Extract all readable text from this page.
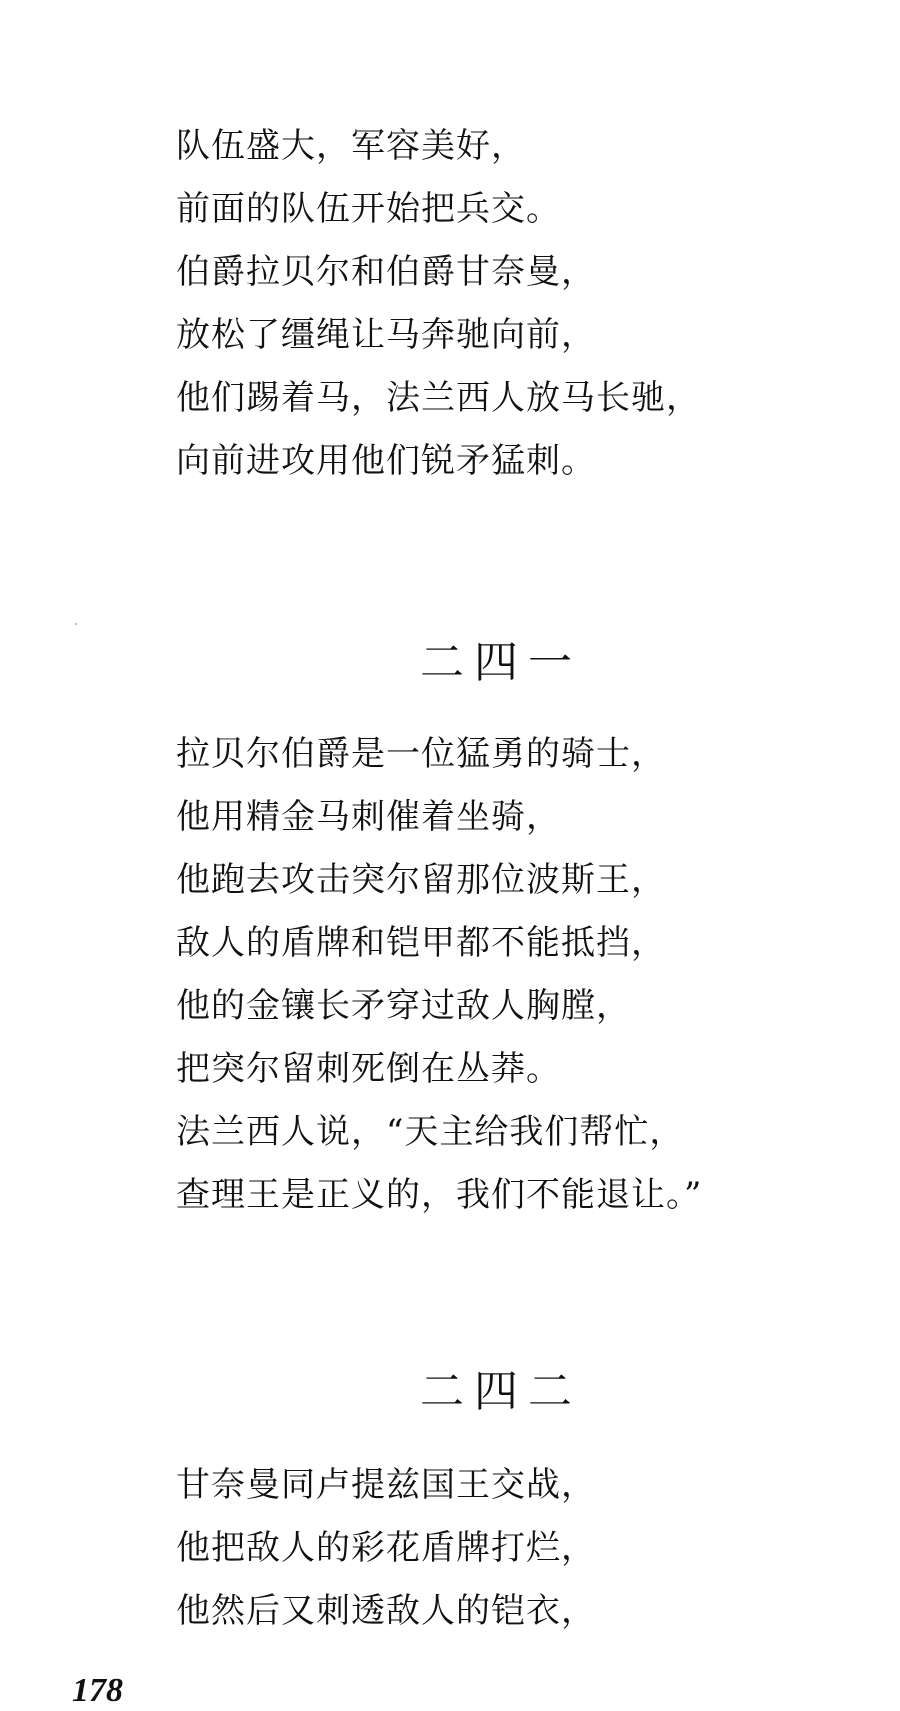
队伍盛大，军容美好，
前面的队伍开始把兵交。
伯爵拉贝尔和伯爵甘奈曼，
放松了缰绳让马奔驰向前，
他们踢着马，法兰西人放马长驰，
向前进攻用他们锐矛猛刺。
二四一
拉贝尔伯爵是一位猛勇的骑士，
他用精金马刺催着坐骑，
他跑去攻击突尔留那位波斯王，
敌人的盾牌和铠甲都不能抵挡，
他的金镶长矛穿过敌人胸膛，
把突尔留刺死倒在丛莽。
法兰西人说，“天主给我们帮忙，
查理王是正义的，我们不能退让。”
二四二
甘奈曼同卢提兹国王交战，
他把敌人的彩花盾牌打烂，
他然后又刺透敌人的铠衣，
178
